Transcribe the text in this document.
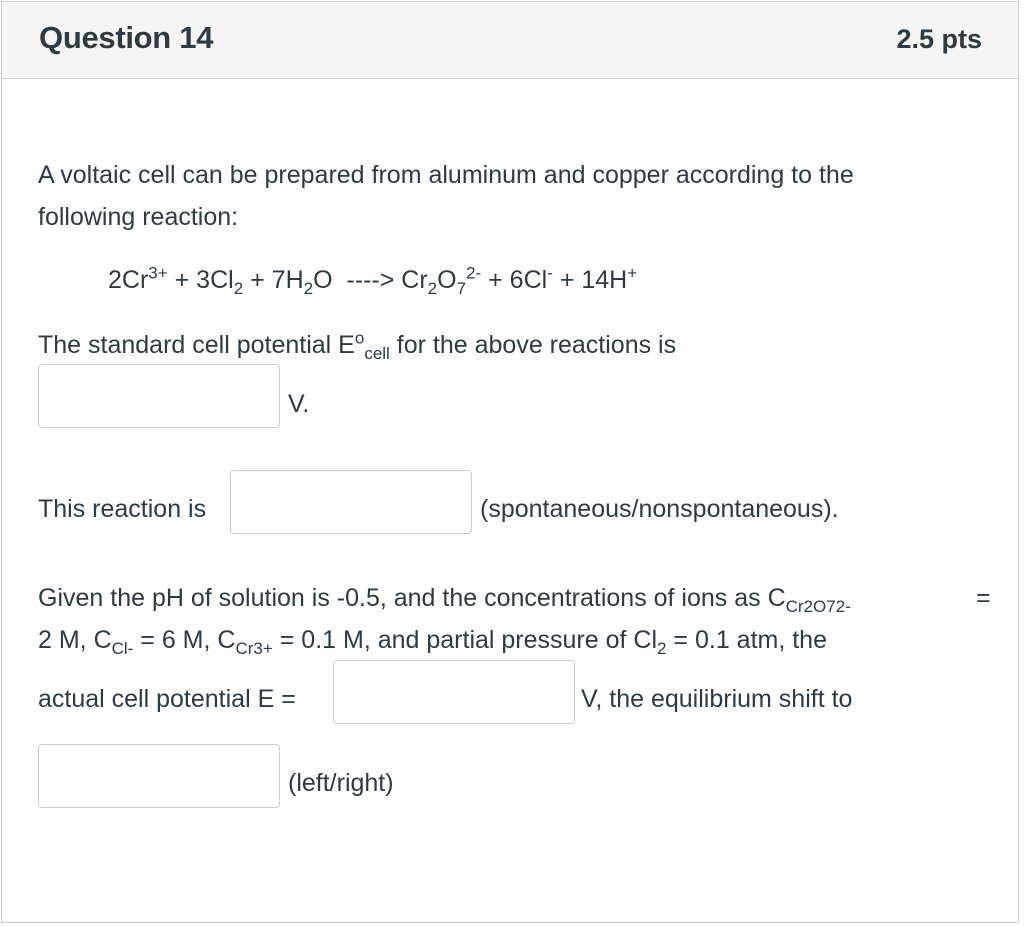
Question 14	2.5 pts
A voltaic cell can be prepared from aluminum and copper according to the
following reaction:
$2Cr^{3+} + 3Cl_2 + 7H_2O$  ----> $Cr_2O_7^{2-} + 6Cl^- + 14H^+$
The standard cell potential $E^o_{cell}$ for the above reactions is
V.
This reaction is	(spontaneous/nonspontaneous).
Given the pH of solution is -0.5, and the concentrations of ions as $C_{Cr2O72-}$	=
2 M, $C_{Cl-} = 6$ M, $C_{Cr3+} = 0.1$ M, and partial pressure of $Cl_2 = 0.1$ atm, the
actual cell potential E =	V, the equilibrium shift to
(left/right)
